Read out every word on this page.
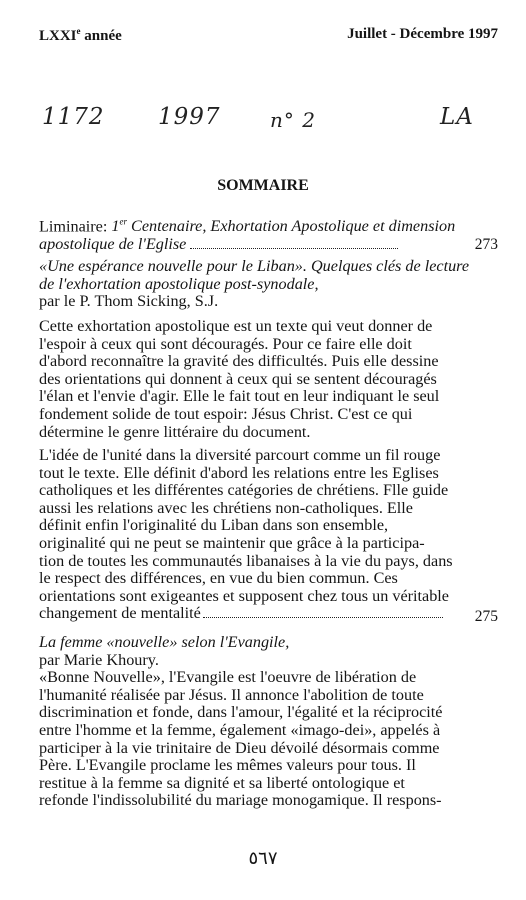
LXXIe année	Juillet - Décembre 1997
1172 1997 n° 2	LA
SOMMAIRE
Liminaire: 1er Centenaire, Exhortation Apostolique et dimension
apostolique de l'Eglise	273
«Une espérance nouvelle pour le Liban». Quelques clés de lecture
de l'exhortation apostolique post-synodale,
par le P. Thom Sicking, S.J.
Cette exhortation apostolique est un texte qui veut donner de
l'espoir à ceux qui sont découragés. Pour ce faire elle doit
d'abord reconnaître la gravité des difficultés. Puis elle dessine
des orientations qui donnent à ceux qui se sentent découragés
l'élan et l'envie d'agir. Elle le fait tout en leur indiquant le seul
fondement solide de tout espoir: Jésus Christ. C'est ce qui
détermine le genre littéraire du document.
L'idée de l'unité dans la diversité parcourt comme un fil rouge
tout le texte. Elle définit d'abord les relations entre les Eglises
catholiques et les différentes catégories de chrétiens. Flle guide
aussi les relations avec les chrétiens non-catholiques. Elle
définit enfin l'originalité du Liban dans son ensemble,
originalité qui ne peut se maintenir que grâce à la participa-
tion de toutes les communautés libanaises à la vie du pays, dans
le respect des différences, en vue du bien commun. Ces
orientations sont exigeantes et supposent chez tous un véritable
changement de mentalité	275
La femme «nouvelle» selon l'Evangile,
par Marie Khoury.
«Bonne Nouvelle», l'Evangile est l'oeuvre de libération de
l'humanité réalisée par Jésus. Il annonce l'abolition de toute
discrimination et fonde, dans l'amour, l'égalité et la réciprocité
entre l'homme et la femme, également «imago-dei», appelés à
participer à la vie trinitaire de Dieu dévoilé désormais comme
Père. L'Evangile proclame les mêmes valeurs pour tous. Il
restitue à la femme sa dignité et sa liberté ontologique et
refonde l'indissolubilité du mariage monogamique. Il respons-
٥٦٧
